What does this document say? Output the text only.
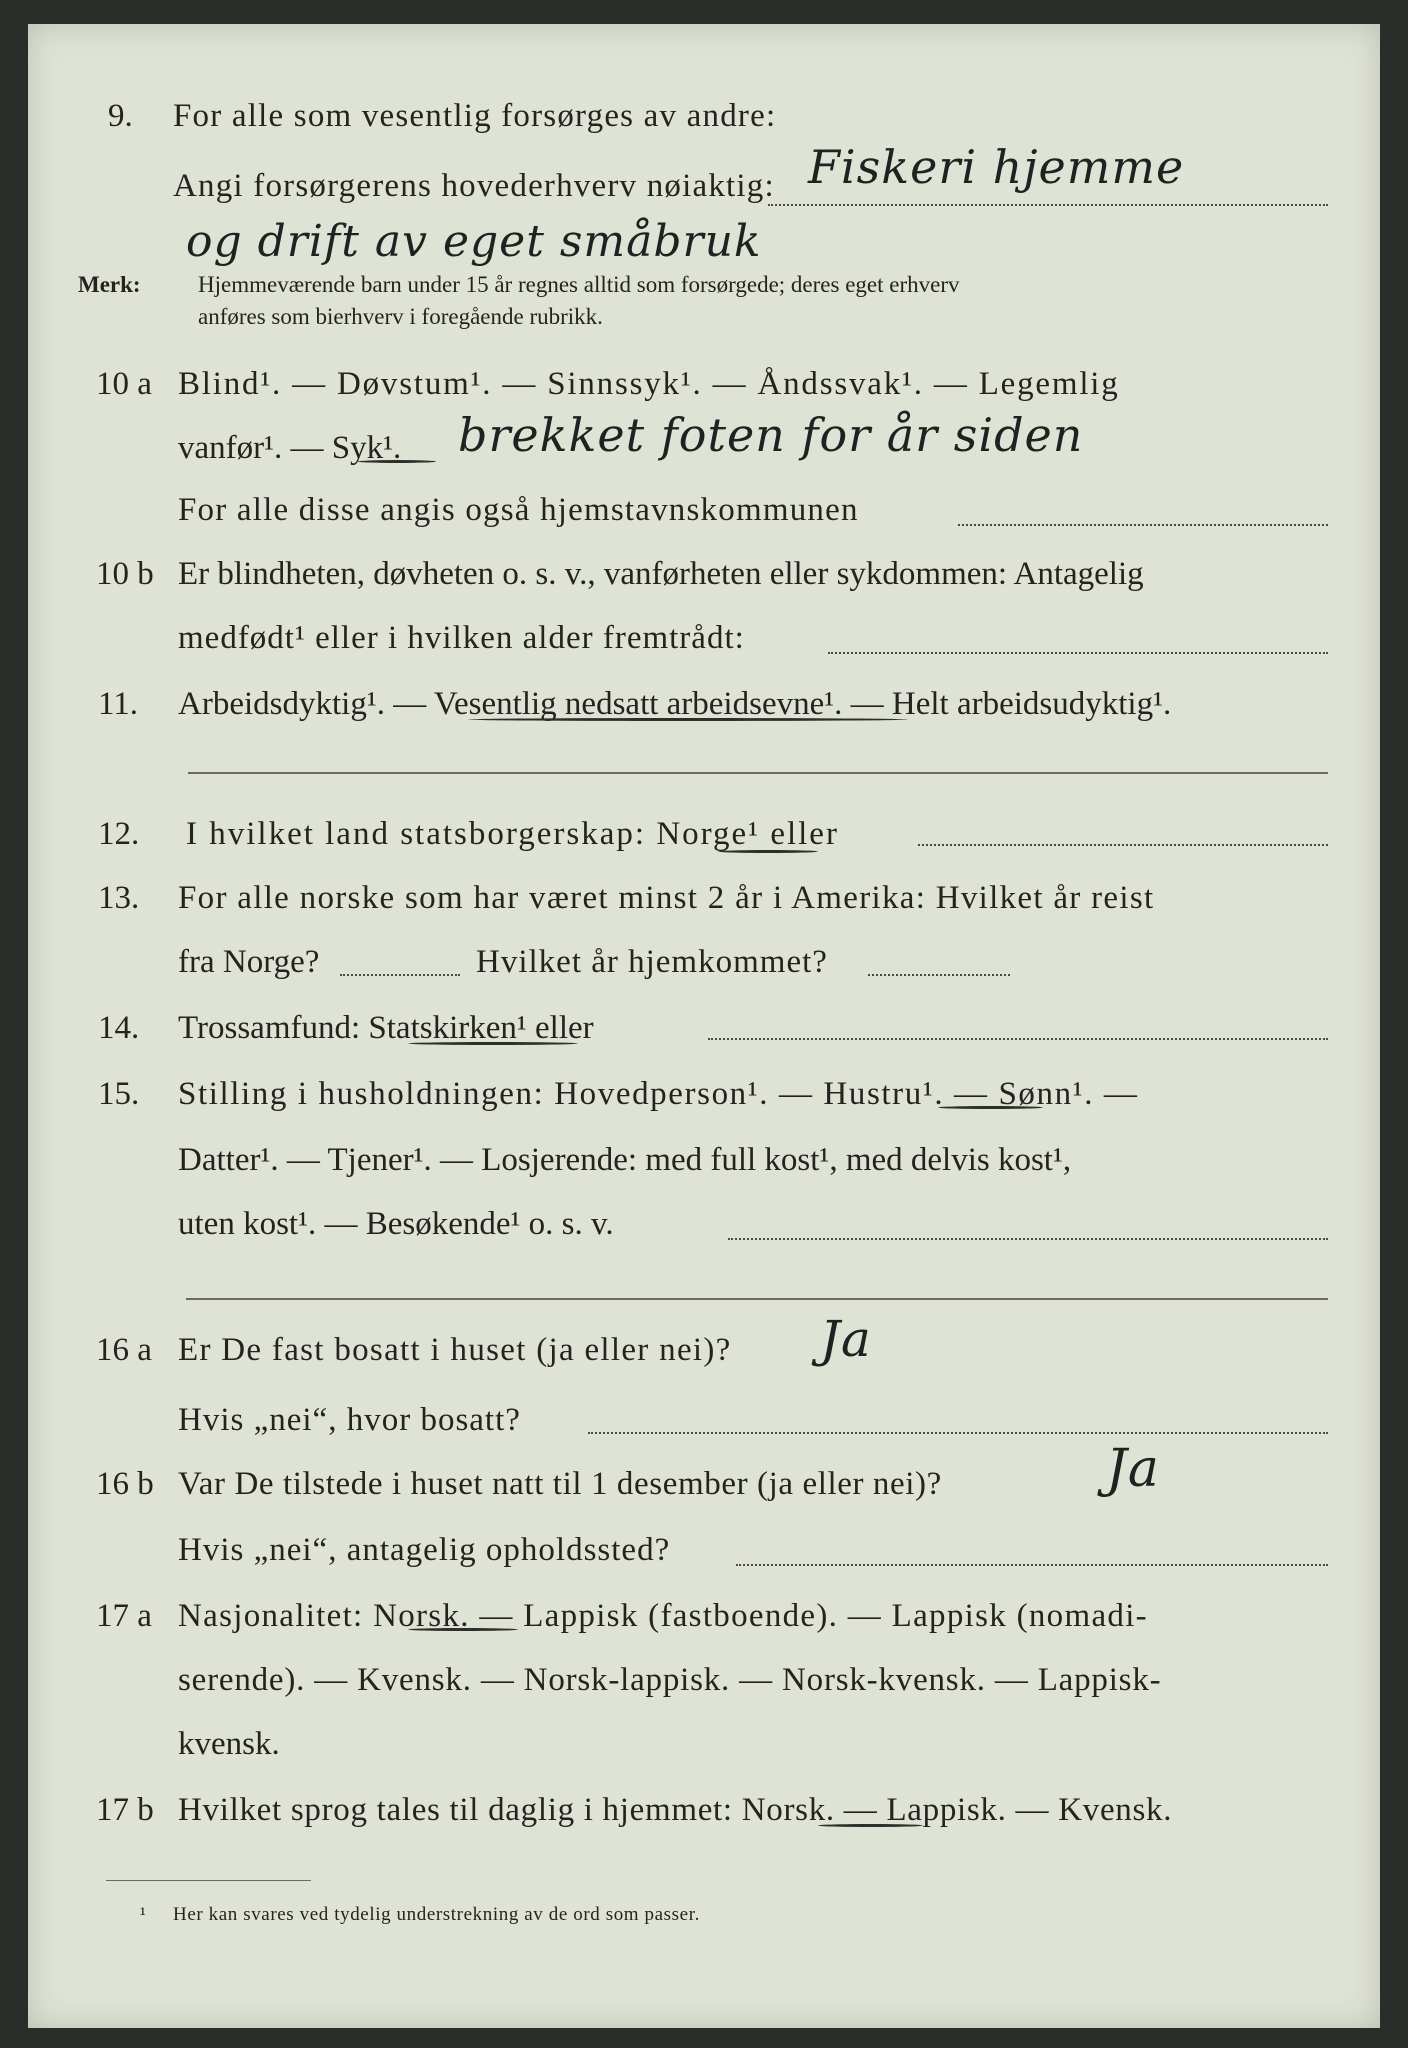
9. For alle som vesentlig forsørges av andre:
Angi forsørgerens hovederhverv nøiaktig: Fiskeri hjemme
og drift av eget småbruk
Merk: Hjemmeværende barn under 15 år regnes alltid som forsørgede; deres eget erhverv
anføres som bierhverv i foregående rubrikk.
10 a Blind¹. — Døvstum¹. — Sinnssyk¹. — Åndssvak¹. — Legemlig
vanfør¹. — Syk¹. brekket foten for år siden
For alle disse angis også hjemstavnskommunen
10 b Er blindheten, døvheten o. s. v., vanførheten eller sykdommen: Antagelig
medfødt¹ eller i hvilken alder fremtrådt:
11. Arbeidsdyktig¹. — Vesentlig nedsatt arbeidsevne¹. — Helt arbeidsudyktig¹.
12. I hvilket land statsborgerskap: Norge¹ eller
13. For alle norske som har været minst 2 år i Amerika: Hvilket år reist
fra Norge?	Hvilket år hjemkommet?
14. Trossamfund: Statskirken¹ eller
15. Stilling i husholdningen: Hovedperson¹. — Hustru¹. — Sønn¹. —
Datter¹. — Tjener¹. — Losjerende: med full kost¹, med delvis kost¹,
uten kost¹. — Besøkende¹ o. s. v.
16 a Er De fast bosatt i huset (ja eller nei)? Ja
Hvis „nei“, hvor bosatt?
16 b Var De tilstede i huset natt til 1 desember (ja eller nei)?	Ja
Hvis „nei“, antagelig opholdssted?
17 a Nasjonalitet: Norsk. — Lappisk (fastboende). — Lappisk (nomadi-
serende). — Kvensk. — Norsk-lappisk. — Norsk-kvensk. — Lappisk-
kvensk.
17 b Hvilket sprog tales til daglig i hjemmet: Norsk. — Lappisk. — Kvensk.
¹ Her kan svares ved tydelig understrekning av de ord som passer.
